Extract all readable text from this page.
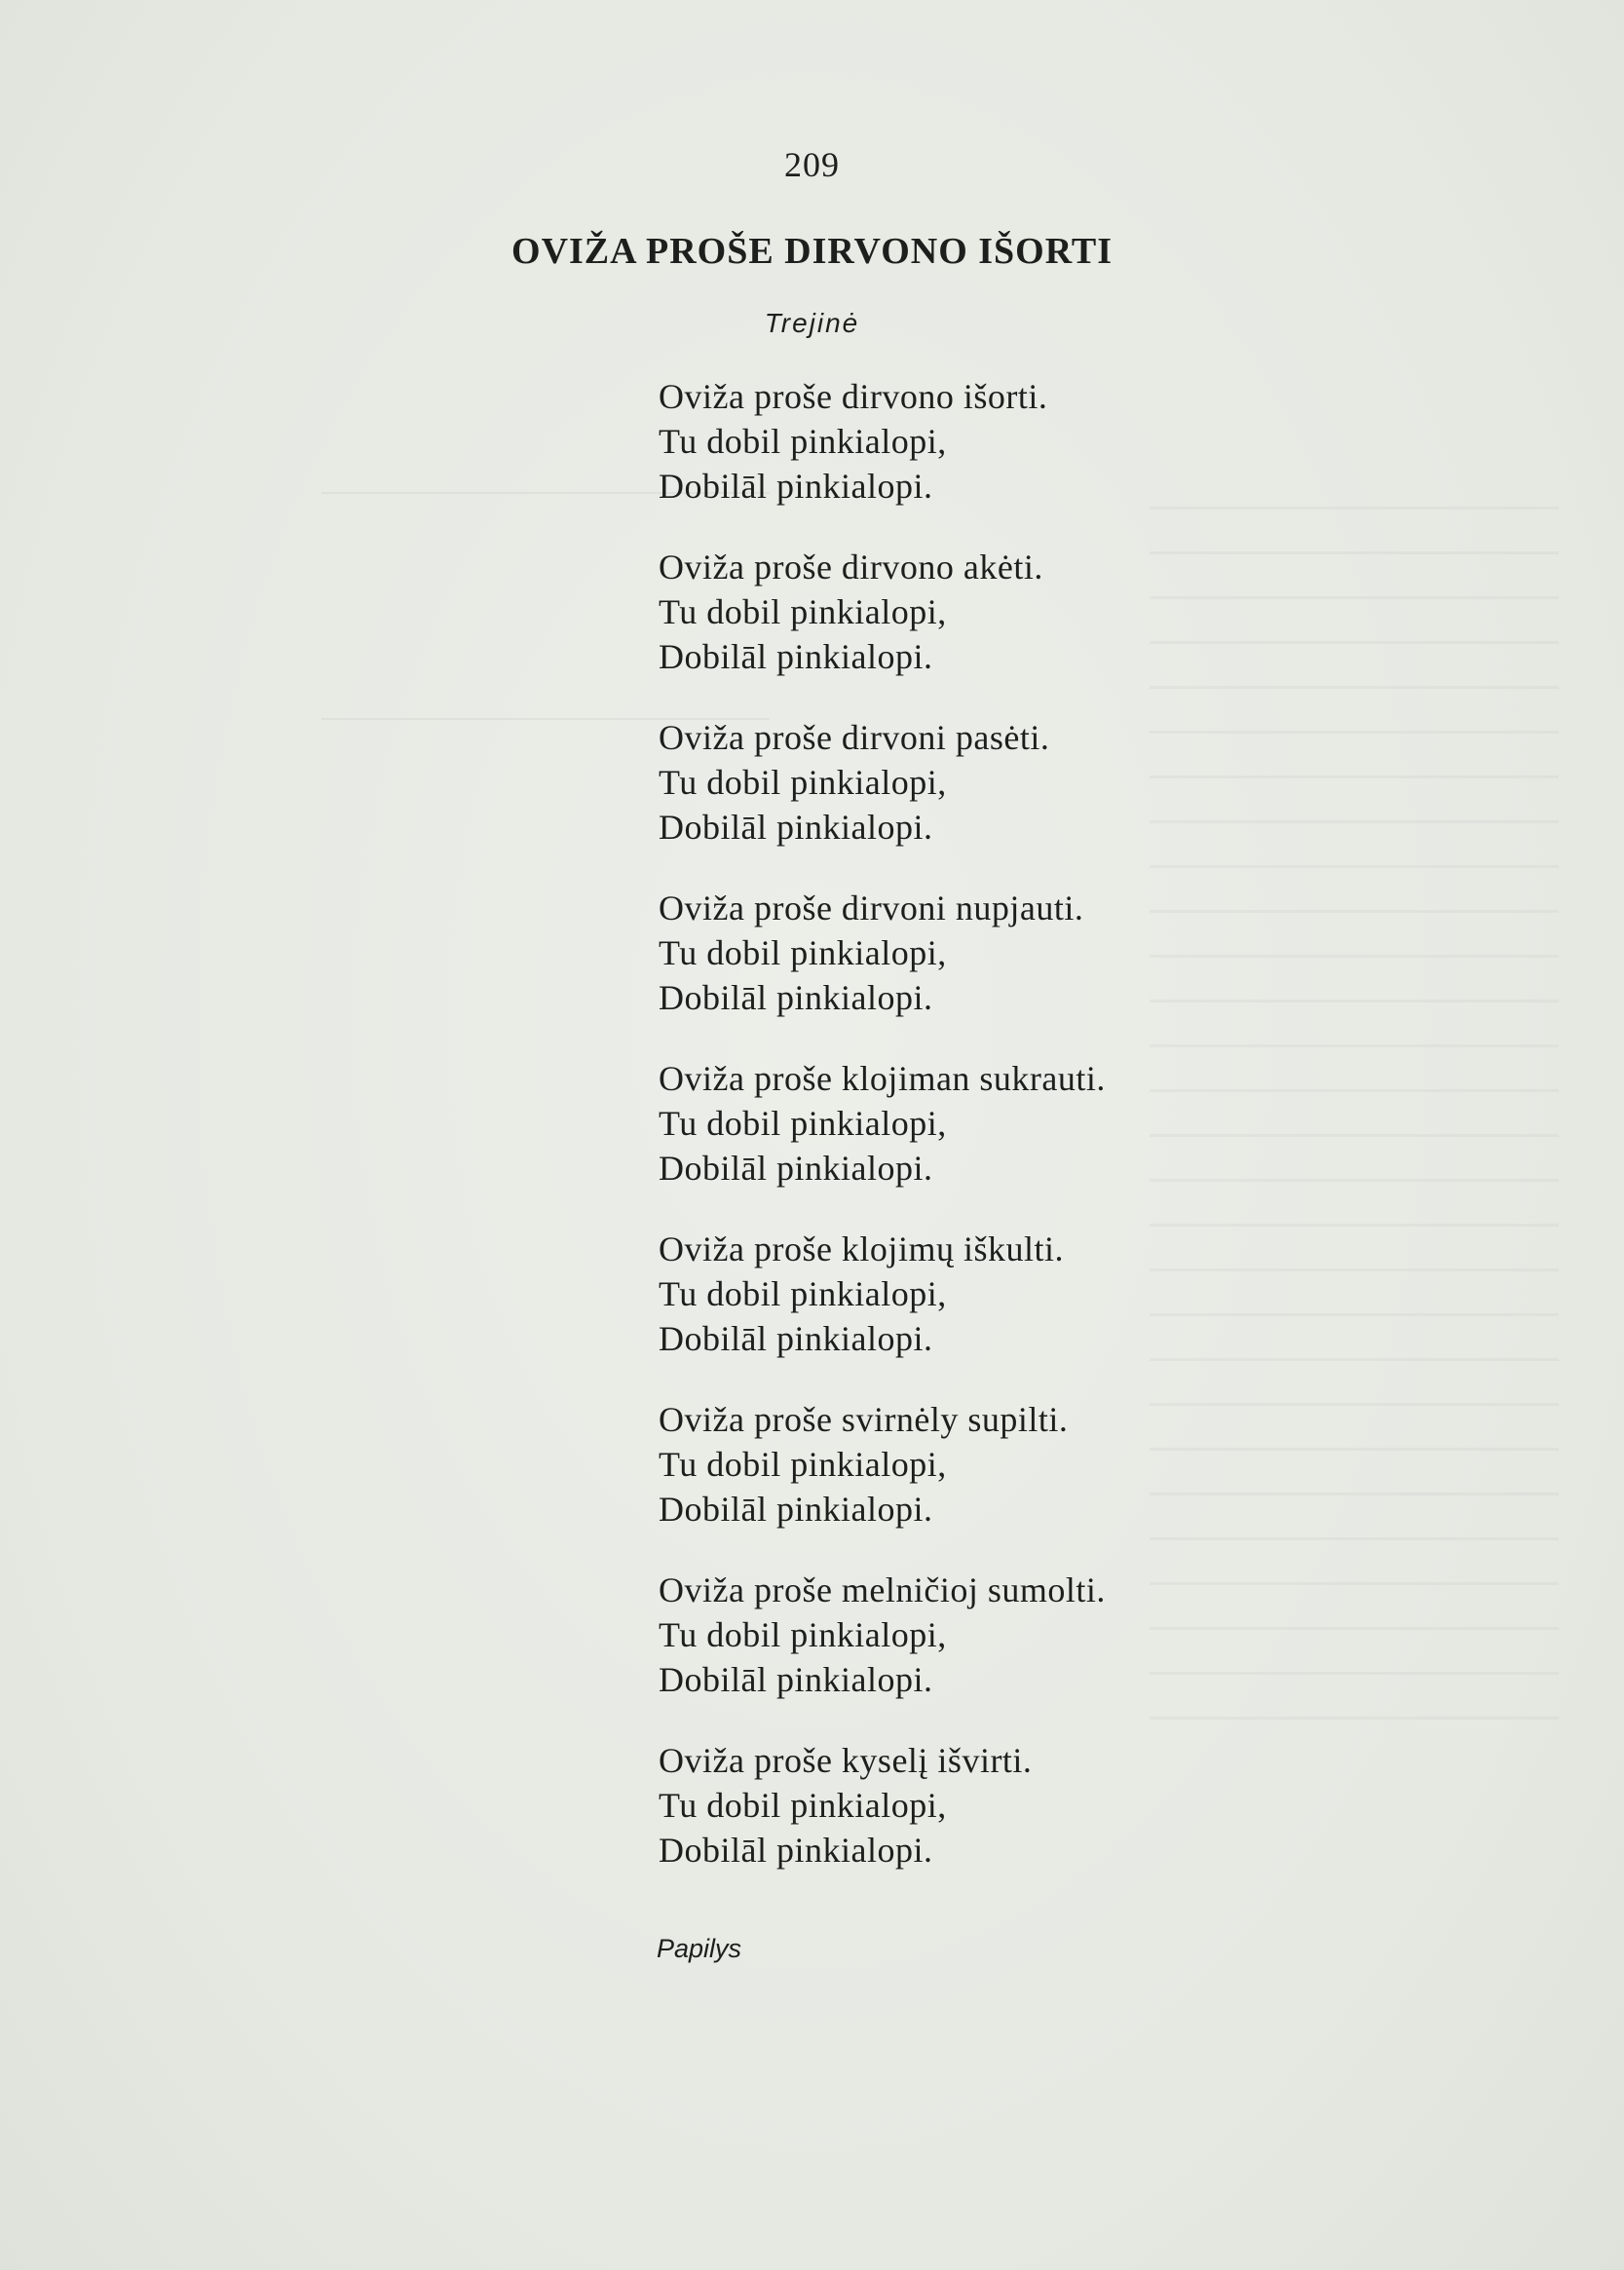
209
OVIŽA PROŠE DIRVONO IŠORTI
Trejinė
Oviža proše dirvono išorti.
Tu dobil pinkialopi,
Dobilāl pinkialopi.
Oviža proše dirvono akėti.
Tu dobil pinkialopi,
Dobilāl pinkialopi.
Oviža proše dirvoni pasėti.
Tu dobil pinkialopi,
Dobilāl pinkialopi.
Oviža proše dirvoni nupjauti.
Tu dobil pinkialopi,
Dobilāl pinkialopi.
Oviža proše klojiman sukrauti.
Tu dobil pinkialopi,
Dobilāl pinkialopi.
Oviža proše klojimų iškulti.
Tu dobil pinkialopi,
Dobilāl pinkialopi.
Oviža proše svirnėly supilti.
Tu dobil pinkialopi,
Dobilāl pinkialopi.
Oviža proše melničioj sumolti.
Tu dobil pinkialopi,
Dobilāl pinkialopi.
Oviža proše kyselį išvirti.
Tu dobil pinkialopi,
Dobilāl pinkialopi.
Papilys
